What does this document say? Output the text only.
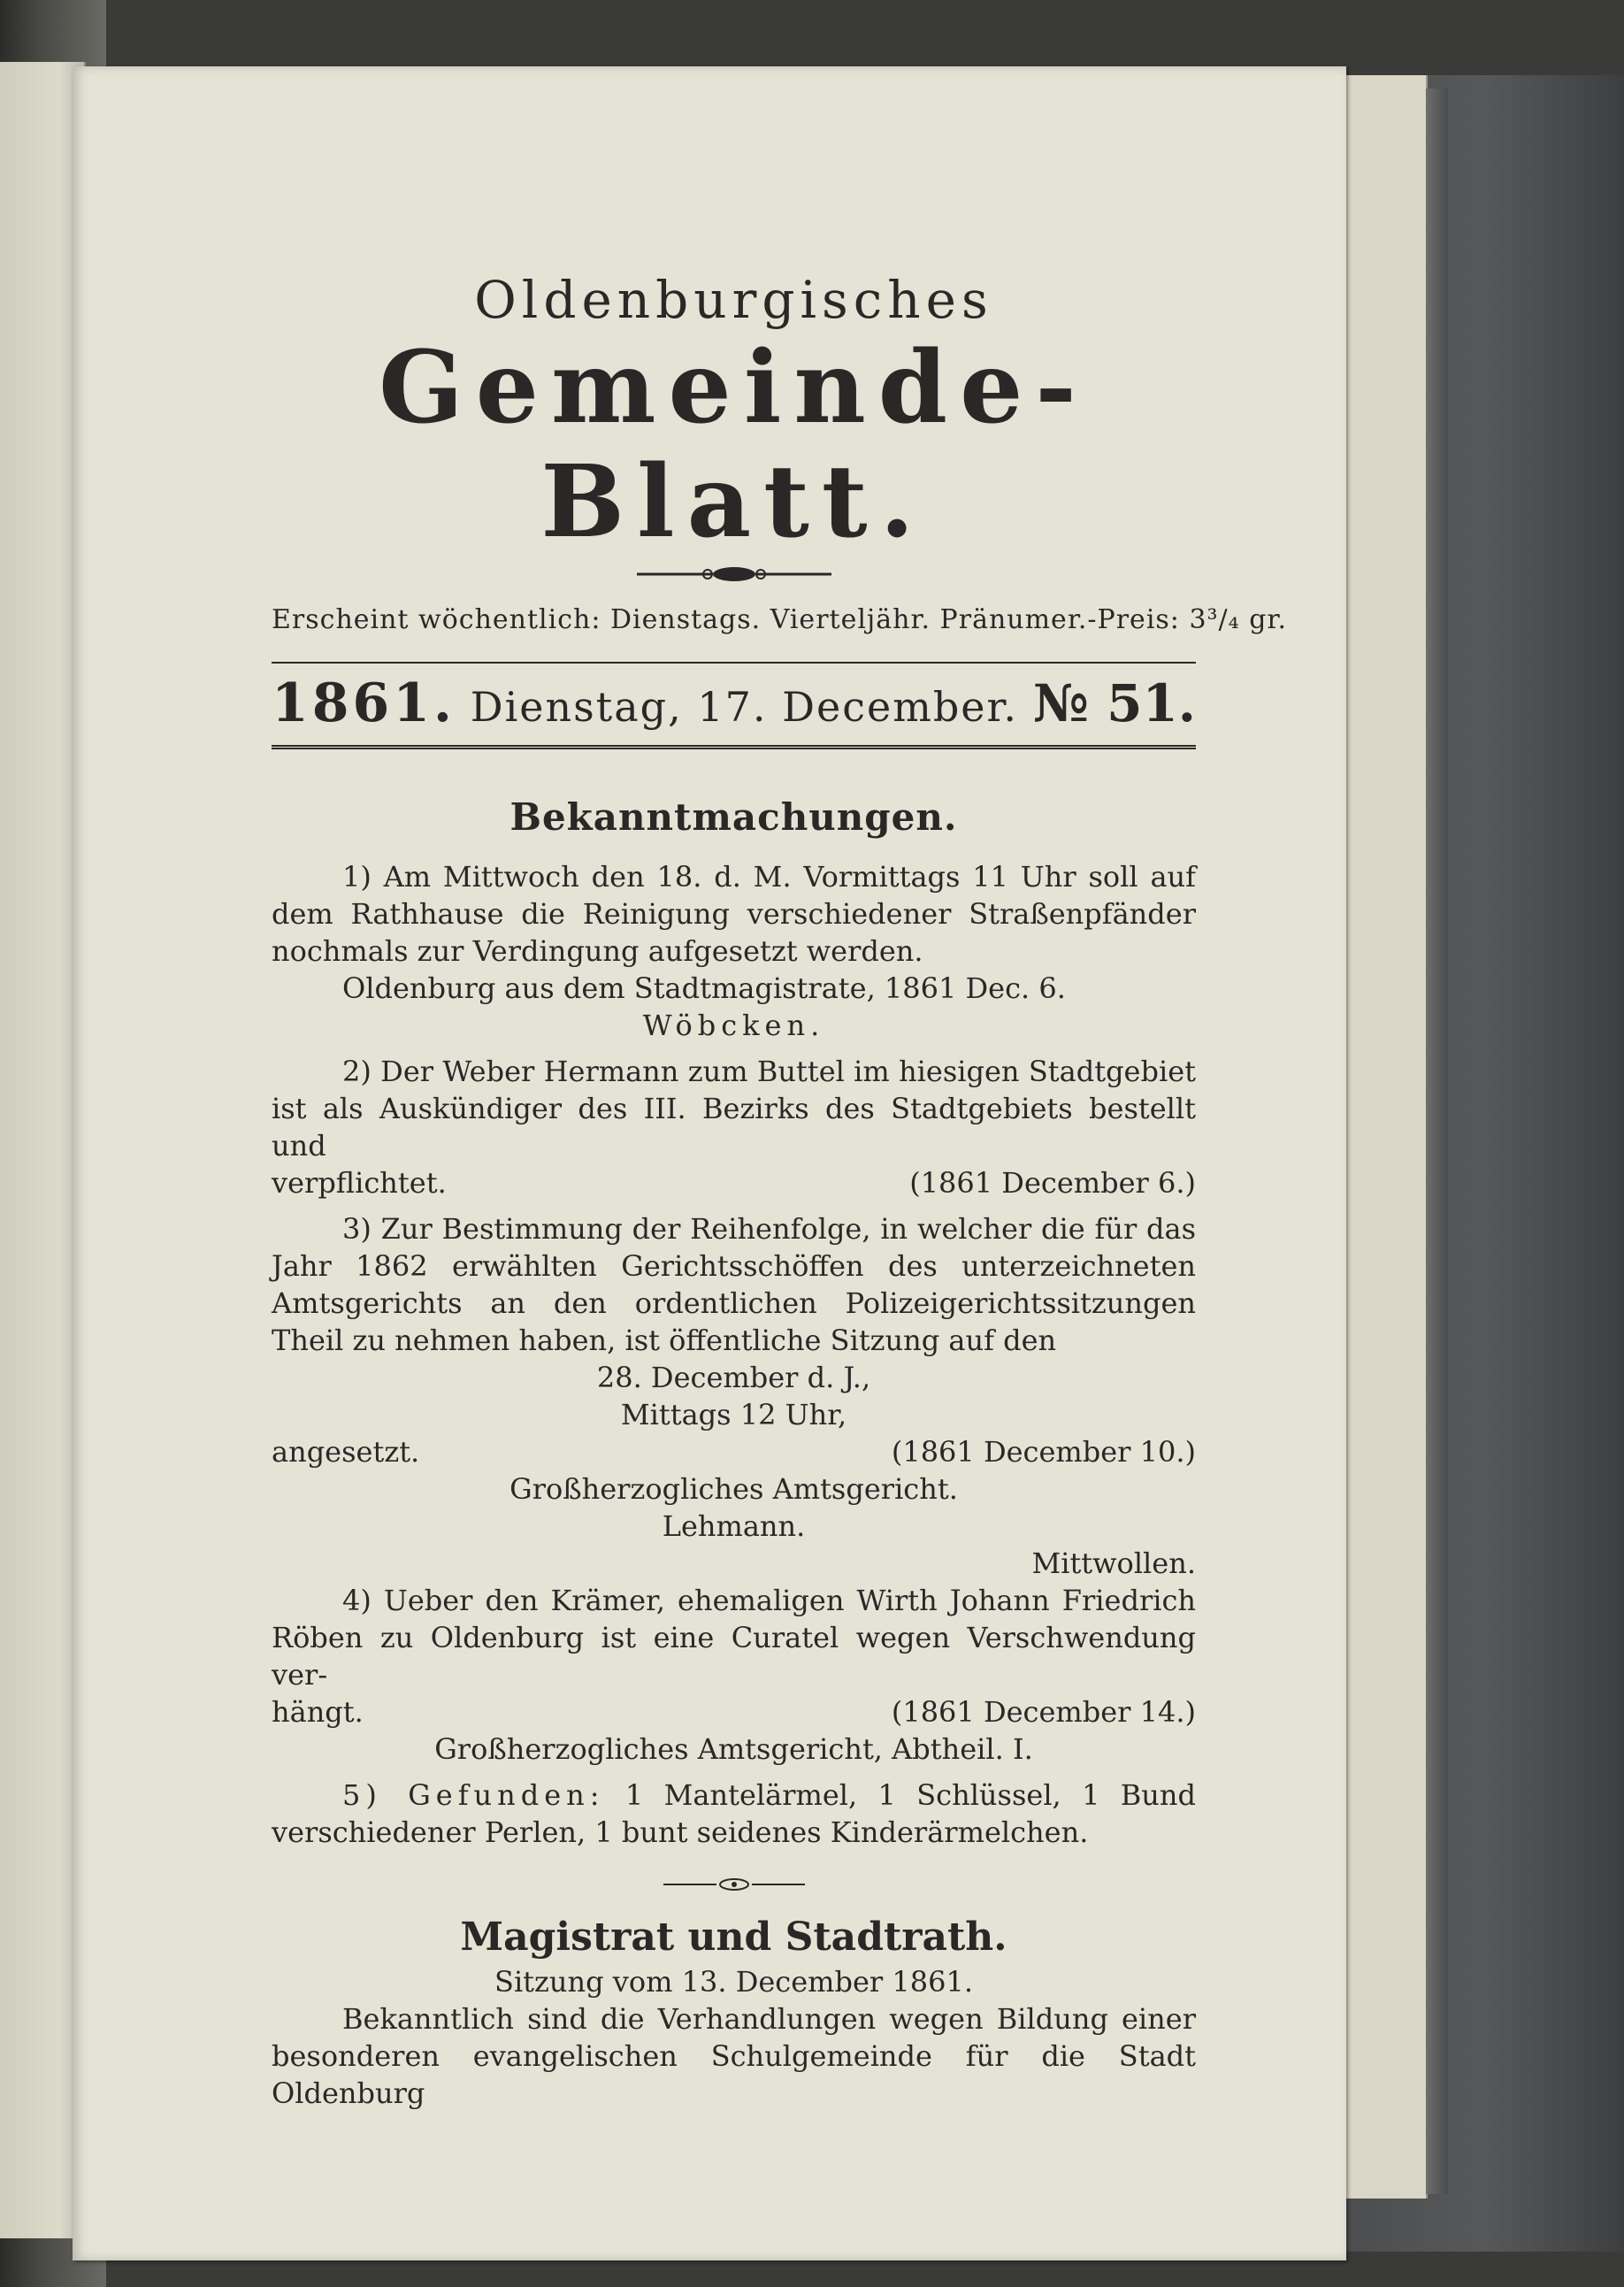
Oldenburgisches
Gemeinde-Blatt.
Erscheint wöchentlich: Dienstags. Vierteljähr. Pränumer.-Preis: 3³/₄ gr.
1861. Dienstag, 17. December. № 51.
Bekanntmachungen.

1) Am Mittwoch den 18. d. M. Vormittags 11 Uhr soll auf dem Rathhause die Reinigung verschiedener Straßenpfänder nochmals zur Verdingung aufgesetzt werden.

Oldenburg aus dem Stadtmagistrate, 1861 Dec. 6.

Wöbcken.

2) Der Weber Hermann zum Buttel im hiesigen Stadtgebiet ist als Auskündiger des III. Bezirks des Stadtgebiets bestellt und

verpflichtet.	(1861 December 6.)

3) Zur Bestimmung der Reihenfolge, in welcher die für das Jahr 1862 erwählten Gerichtsschöffen des unterzeichneten Amtsgerichts an den ordentlichen Polizeigerichtssitzungen Theil zu nehmen haben, ist öffentliche Sitzung auf den

28. December d. J.,

Mittags 12 Uhr,

angesetzt.	(1861 December 10.)

Großherzogliches Amtsgericht.

Lehmann.

Mittwollen.

4) Ueber den Krämer, ehemaligen Wirth Johann Friedrich Röben zu Oldenburg ist eine Curatel wegen Verschwendung ver-

hängt.	(1861 December 14.)

Großherzogliches Amtsgericht, Abtheil. I.

5) Gefunden: 1 Mantelärmel, 1 Schlüssel, 1 Bund verschiedener Perlen, 1 bunt seidenes Kinderärmelchen.

Magistrat und Stadtrath.

Sitzung vom 13. December 1861.

Bekanntlich sind die Verhandlungen wegen Bildung einer besonderen evangelischen Schulgemeinde für die Stadt Oldenburg
